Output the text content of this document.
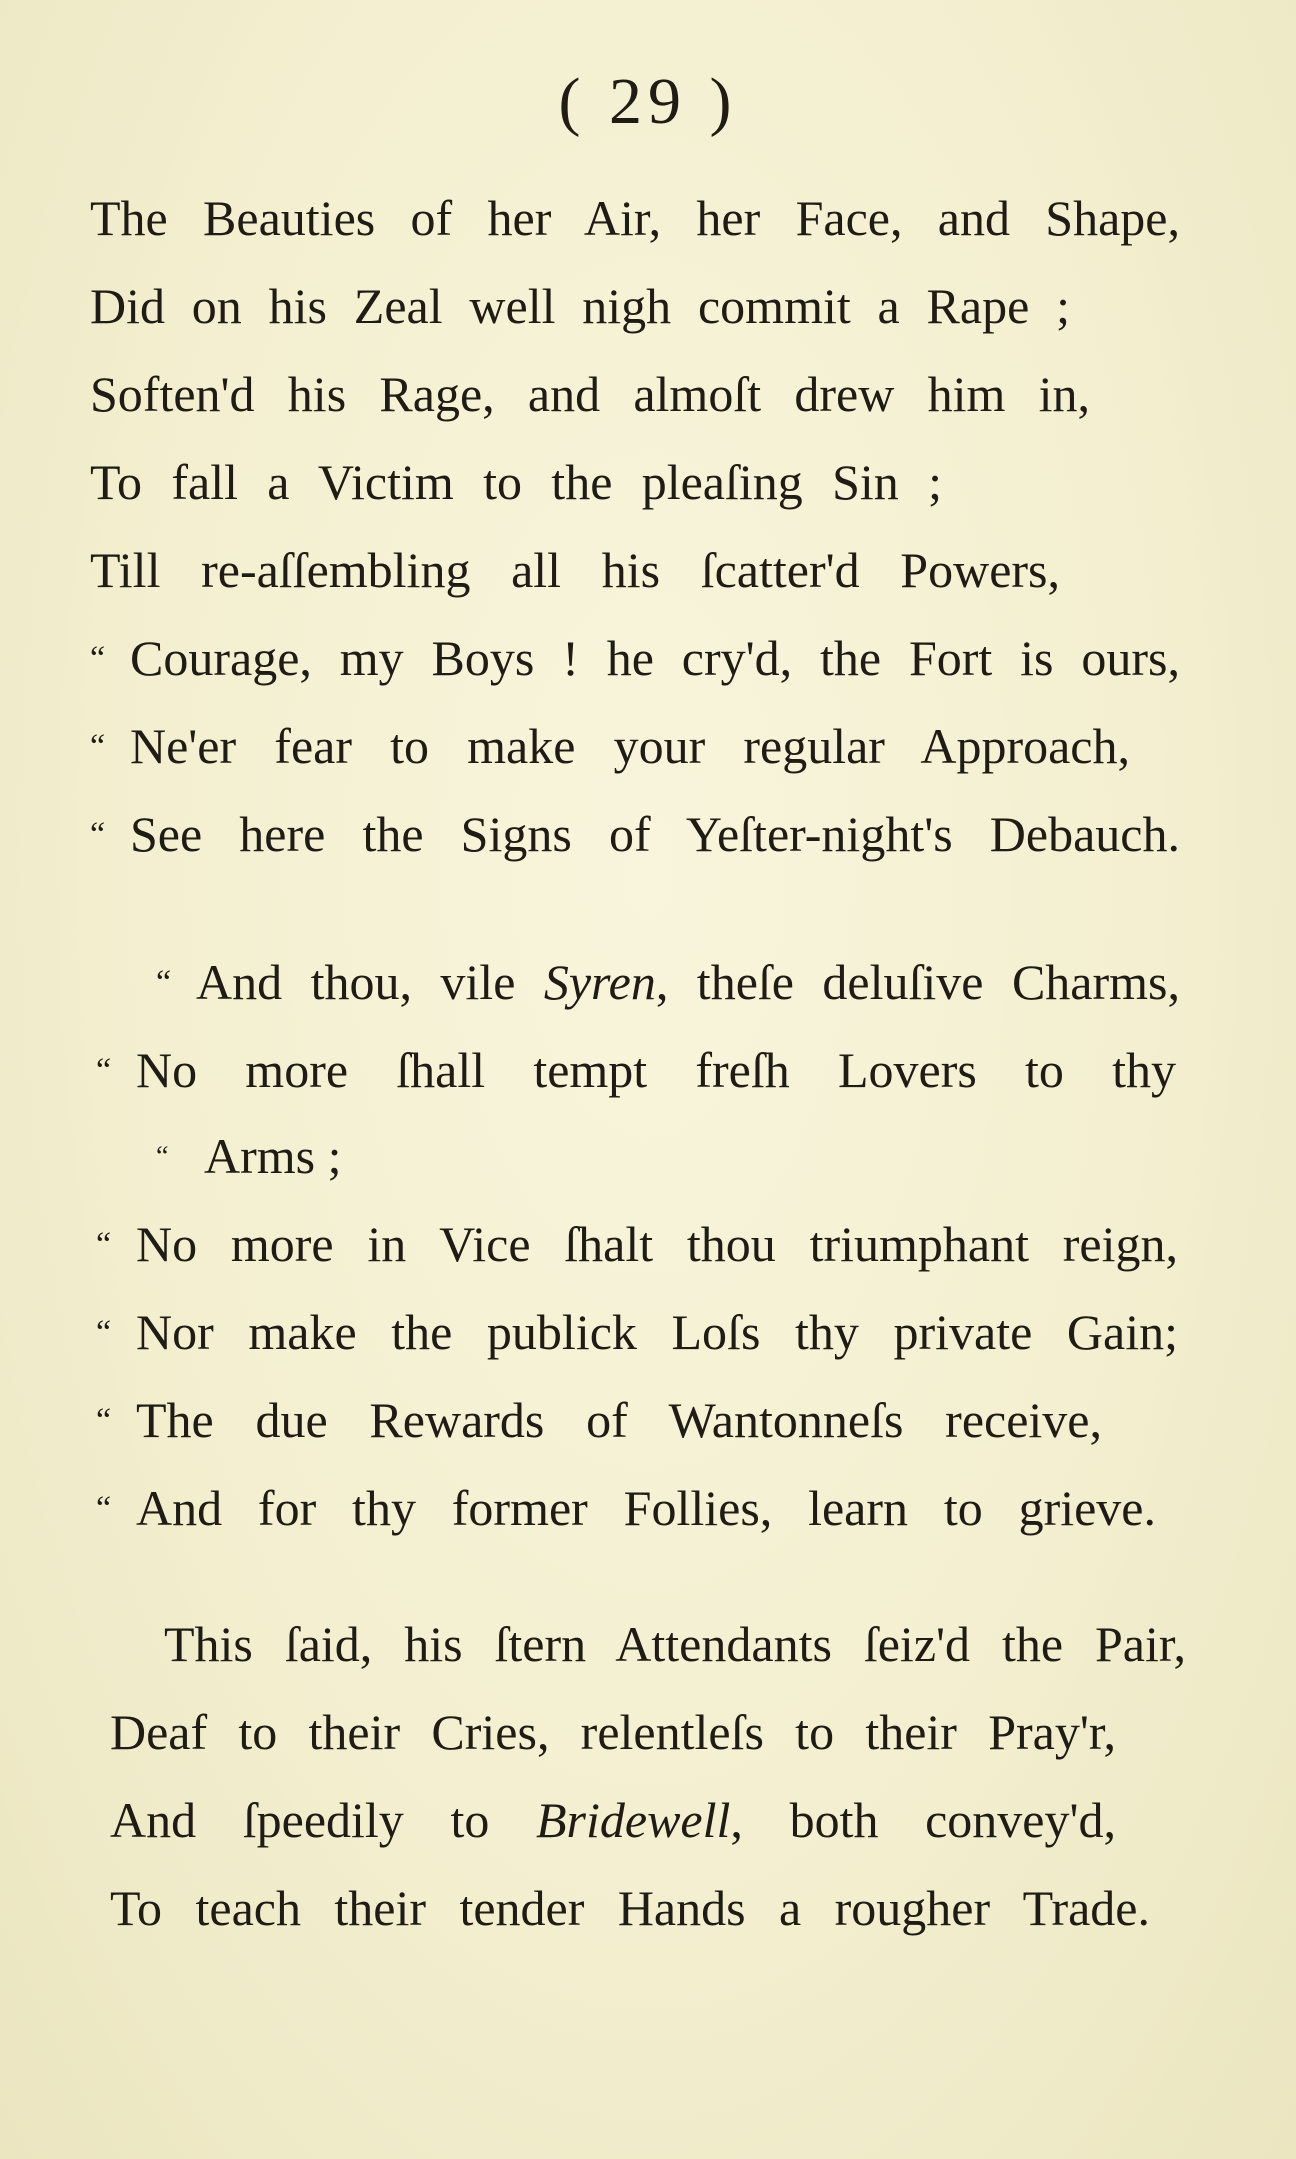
( 29 )
The Beauties of her Air, her Face, and Shape,
Did on his Zeal well nigh commit a Rape ;
Soften'd his Rage, and almoſt drew him in,
To fall a Victim to the pleaſing Sin ;
Till re-aſſembling all his ſcatter'd Powers,
“ Courage, my Boys ! he cry'd, the Fort is ours,
“ Ne'er fear to make your regular Approach,
“ See here the Signs of Yeſter-night's Debauch.
“ And thou, vile Syren, theſe deluſive Charms,
“ No more ſhall tempt freſh Lovers to thy
“ Arms ;
“ No more in Vice ſhalt thou triumphant reign,
“ Nor make the publick Loſs thy private Gain;
“ The due Rewards of Wantonneſs receive,
“ And for thy former Follies, learn to grieve.
This ſaid, his ſtern Attendants ſeiz'd the Pair,
Deaf to their Cries, relentleſs to their Pray'r,
And ſpeedily to Bridewell, both convey'd,
To teach their tender Hands a rougher Trade.
